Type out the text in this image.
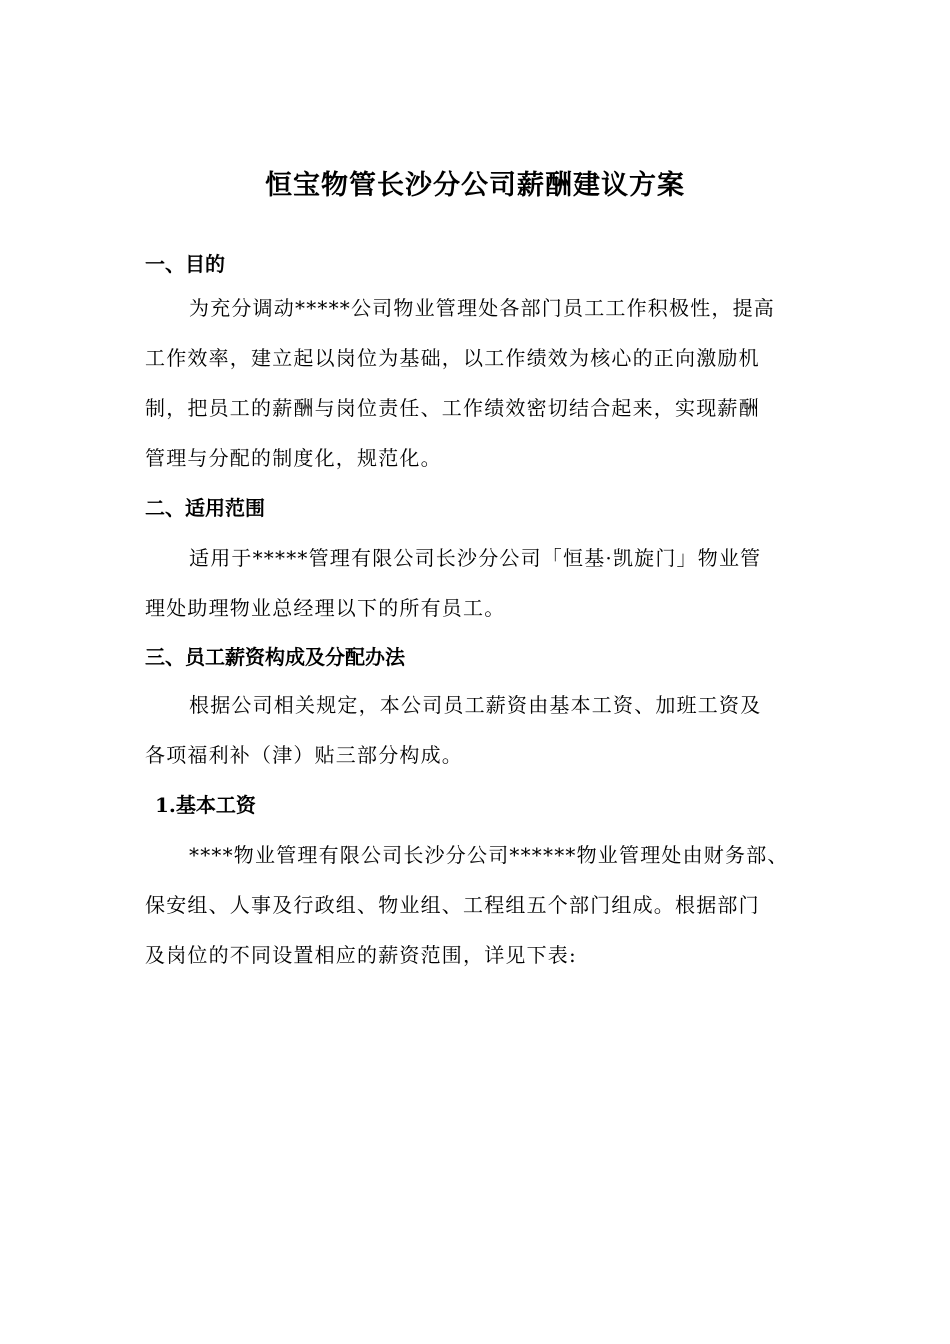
恒宝物管长沙分公司薪酬建议方案
一、目的
为充分调动*****公司物业管理处各部门员工工作积极性，提高
工作效率，建立起以岗位为基础，以工作绩效为核心的正向激励机
制，把员工的薪酬与岗位责任、工作绩效密切结合起来，实现薪酬
管理与分配的制度化，规范化。
二、适用范围
适用于*****管理有限公司长沙分公司「恒基·凯旋门」物业管
理处助理物业总经理以下的所有员工。
三、员工薪资构成及分配办法
根据公司相关规定，本公司员工薪资由基本工资、加班工资及
各项福利补（津）贴三部分构成。
1.基本工资
****物业管理有限公司长沙分公司******物业管理处由财务部、
保安组、人事及行政组、物业组、工程组五个部门组成。根据部门
及岗位的不同设置相应的薪资范围，详见下表:
